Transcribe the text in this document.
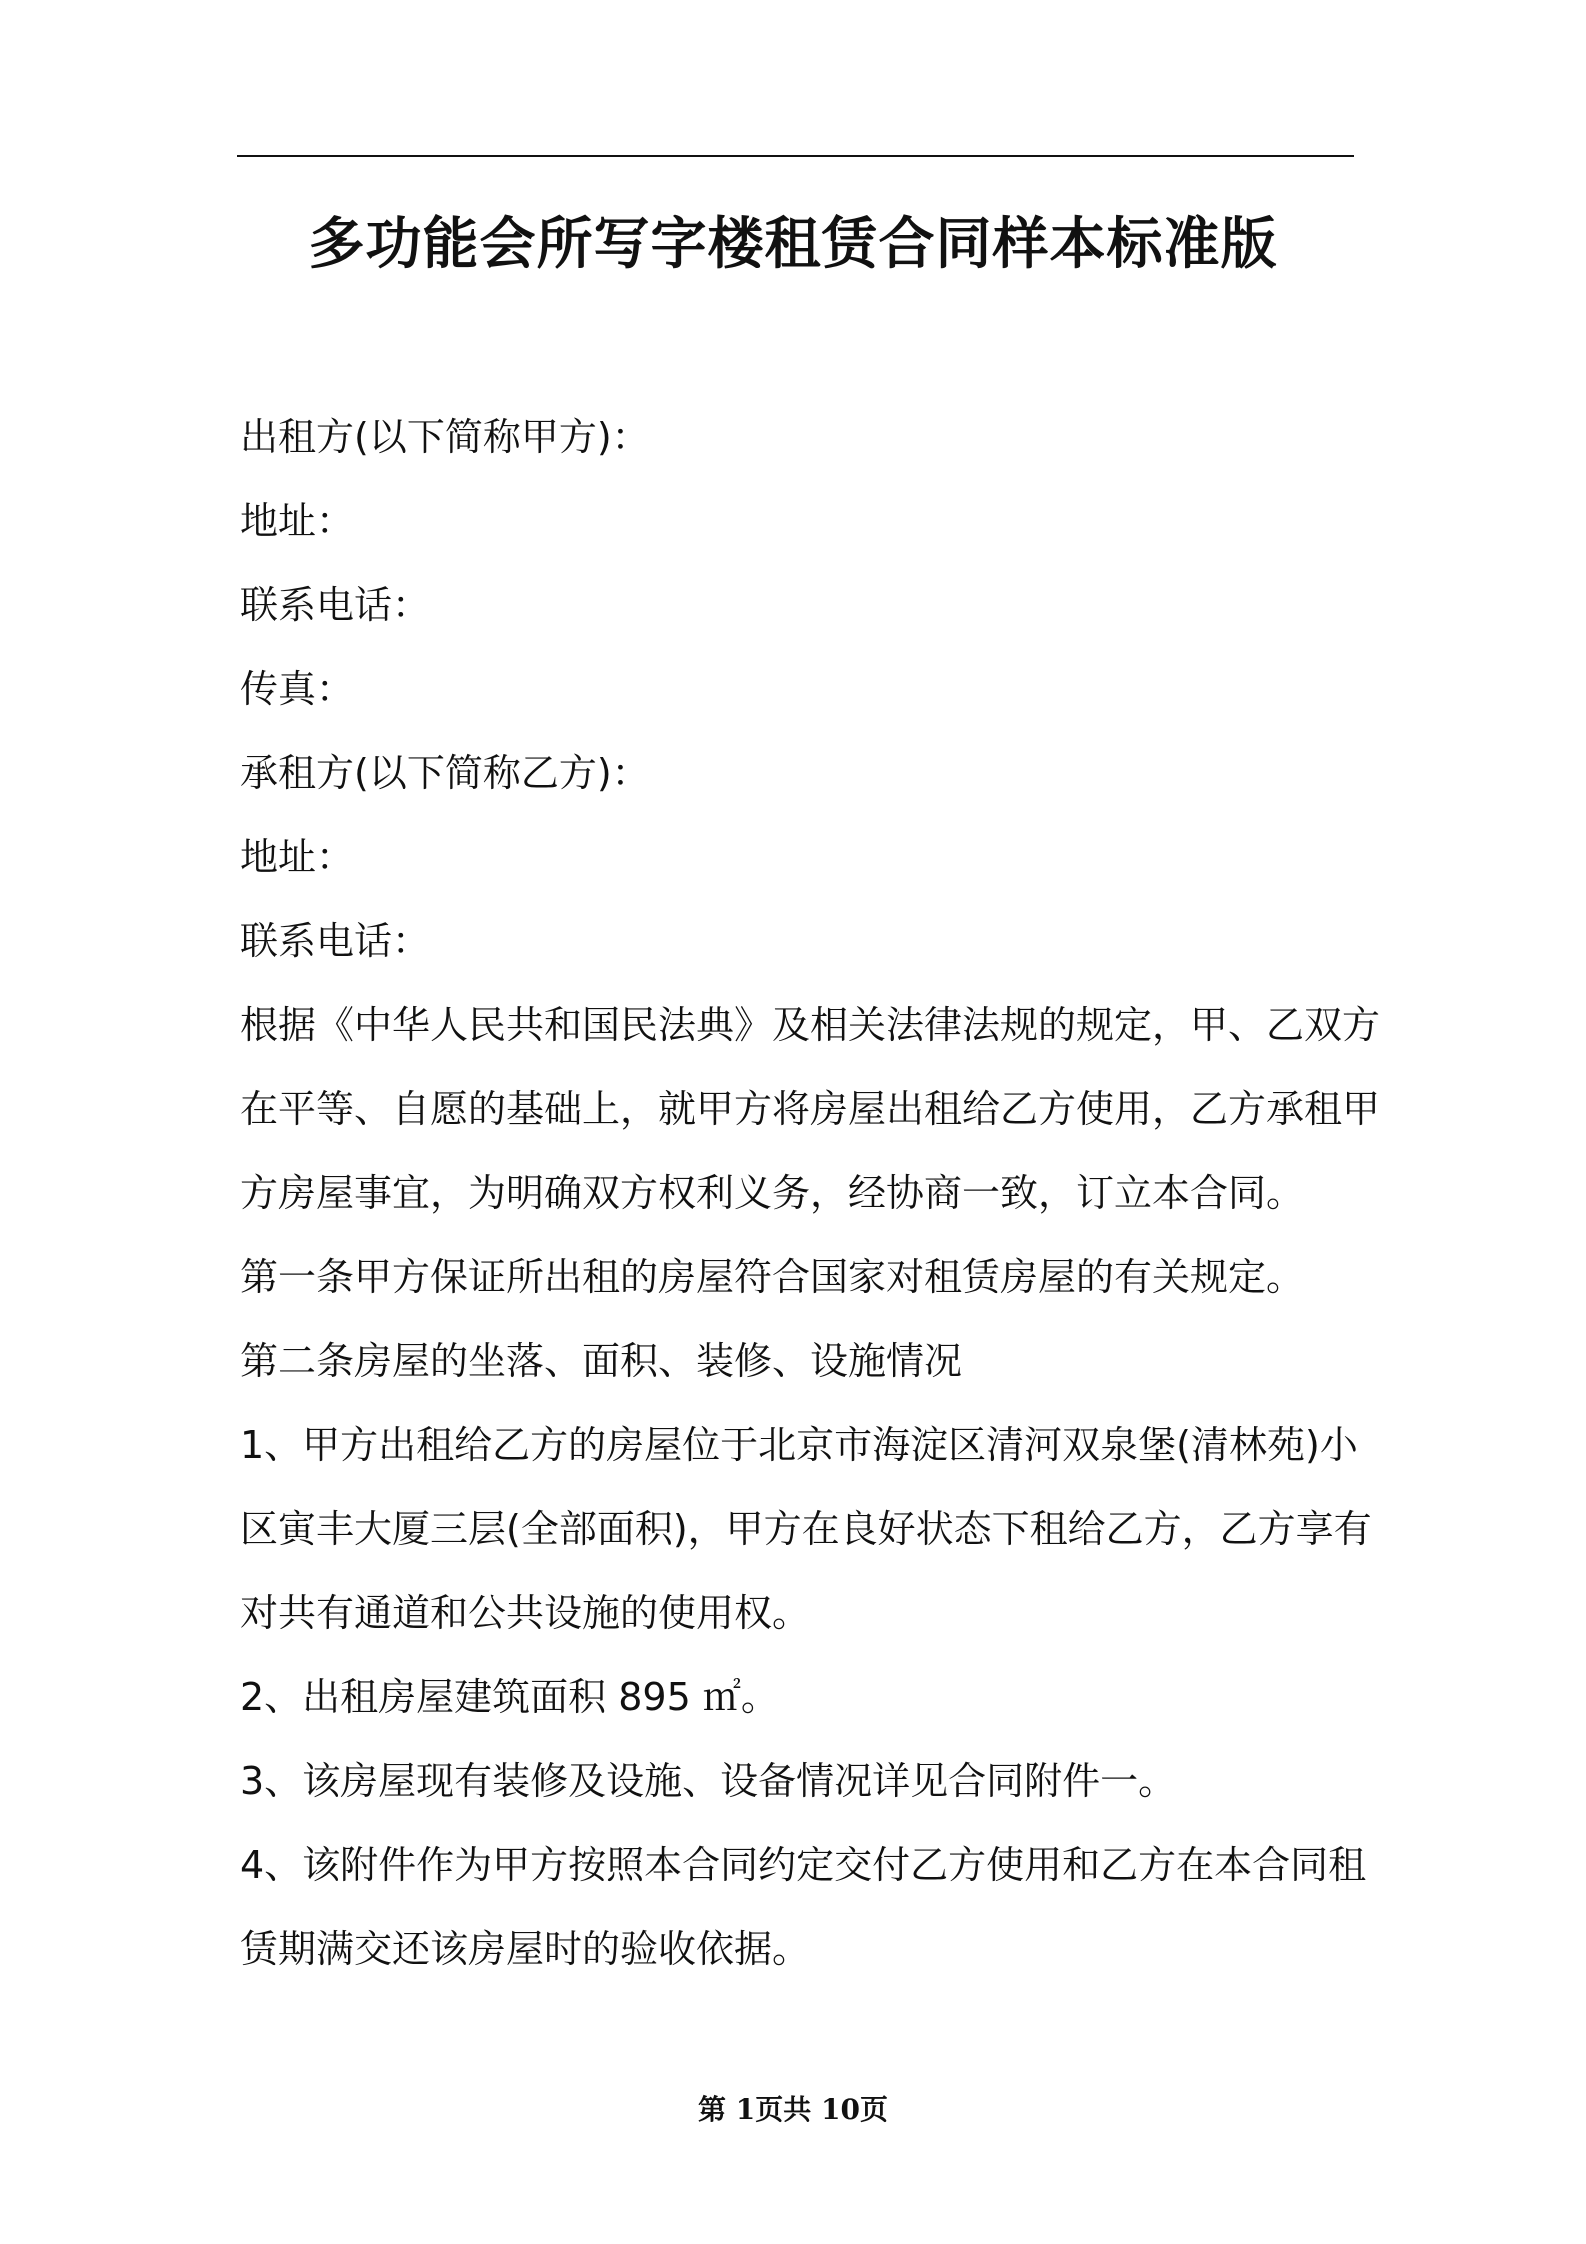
多功能会所写字楼租赁合同样本标准版

出租方(以下简称甲方)：

地址：

联系电话：

传真：

承租方(以下简称乙方)：

地址：

联系电话：

根据《中华人民共和国民法典》及相关法律法规的规定，甲、乙双方

在平等、自愿的基础上，就甲方将房屋出租给乙方使用，乙方承租甲

方房屋事宜，为明确双方权利义务，经协商一致，订立本合同。

第一条甲方保证所出租的房屋符合国家对租赁房屋的有关规定。

第二条房屋的坐落、面积、装修、设施情况

1、甲方出租给乙方的房屋位于北京市海淀区清河双泉堡(清林苑)小

区寅丰大厦三层(全部面积)，甲方在良好状态下租给乙方，乙方享有

对共有通道和公共设施的使用权。

2、出租房屋建筑面积 895 ㎡。

3、该房屋现有装修及设施、设备情况详见合同附件一。

4、该附件作为甲方按照本合同约定交付乙方使用和乙方在本合同租

赁期满交还该房屋时的验收依据。

第 1页共 10页
